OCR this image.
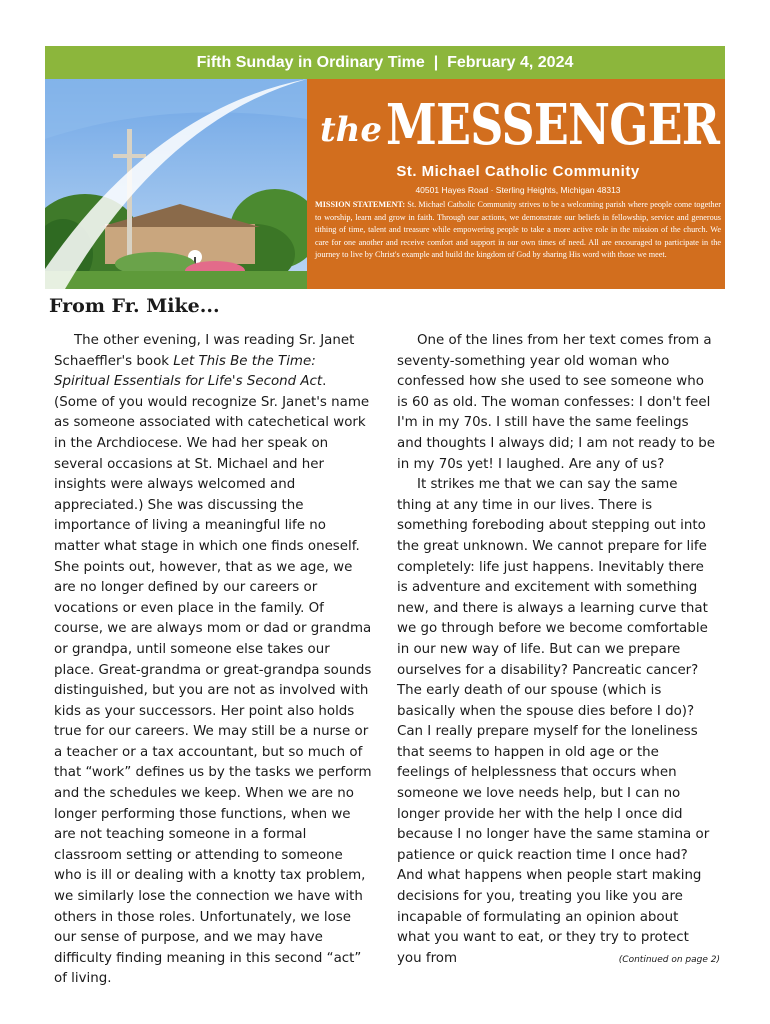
Fifth Sunday in Ordinary Time  |  February 4, 2024
the MESSENGER
St. Michael Catholic Community
40501 Hayes Road · Sterling Heights, Michigan 48313
MISSION STATEMENT: St. Michael Catholic Community strives to be a welcoming parish where people come together to worship, learn and grow in faith. Through our actions, we demonstrate our beliefs in fellowship, service and generous tithing of time, talent and treasure while empowering people to take a more active role in the mission of the church. We care for one another and receive comfort and support in our own times of need. All are encouraged to participate in the journey to live by Christ's example and build the kingdom of God by sharing His word with those we meet.
From Fr. Mike...

The other evening, I was reading Sr. Janet Schaeffler's book Let This Be the Time: Spiritual Essentials for Life's Second Act. (Some of you would recognize Sr. Janet's name as someone associated with catechetical work in the Archdiocese. We had her speak on several occasions at St. Michael and her insights were always welcomed and appreciated.) She was discussing the importance of living a meaningful life no matter what stage in which one finds oneself. She points out, however, that as we age, we are no longer defined by our careers or vocations or even place in the family. Of course, we are always mom or dad or grandma or grandpa, until someone else takes our place. Great-grandma or great-grandpa sounds distinguished, but you are not as involved with kids as your successors. Her point also holds true for our careers. We may still be a nurse or a teacher or a tax accountant, but so much of that “work” defines us by the tasks we perform and the schedules we keep. When we are no longer performing those functions, when we are not teaching someone in a formal classroom setting or attending to someone who is ill or dealing with a knotty tax problem, we similarly lose the connection we have with others in those roles. Unfortunately, we lose our sense of purpose, and we may have difficulty finding meaning in this second “act” of living.

One of the lines from her text comes from a seventy-something year old woman who confessed how she used to see someone who is 60 as old. The woman confesses: I don't feel I'm in my 70s. I still have the same feelings and thoughts I always did; I am not ready to be in my 70s yet! I laughed. Are any of us?

It strikes me that we can say the same thing at any time in our lives. There is something foreboding about stepping out into the great unknown. We cannot prepare for life completely: life just happens. Inevitably there is adventure and excitement with something new, and there is always a learning curve that we go through before we become comfortable in our new way of life. But can we prepare ourselves for a disability? Pancreatic cancer? The early death of our spouse (which is basically when the spouse dies before I do)? Can I really prepare myself for the loneliness that seems to happen in old age or the feelings of helplessness that occurs when someone we love needs help, but I can no longer provide her with the help I once did because I no longer have the same stamina or patience or quick reaction time I once had? And what happens when people start making decisions for you, treating you like you are incapable of formulating an opinion about what you want to eat, or they try to protect you from	(Continued on page 2)
